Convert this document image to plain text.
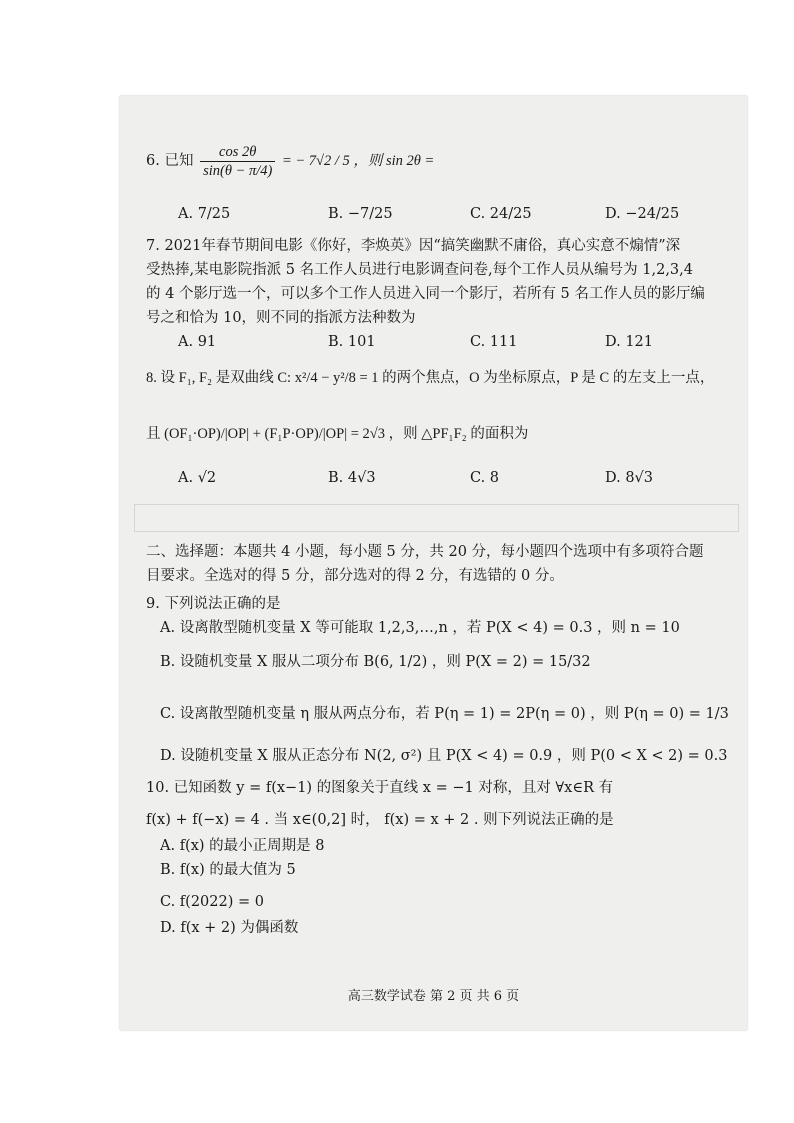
6. 已知 $\frac{\cos 2\theta}{\sin(\theta - \pi/4)}$ = − 7√2 / 5 ，则 sin 2θ =
A. 7/25	B. −7/25	C. 24/25	D. −24/25
7. 2021年春节期间电影《你好，李焕英》因“搞笑幽默不庸俗，真心实意不煽情”深
受热捧,某电影院指派 5 名工作人员进行电影调查问卷,每个工作人员从编号为 1,2,3,4
的 4 个影厅选一个，可以多个工作人员进入同一个影厅，若所有 5 名工作人员的影厅编
号之和恰为 10，则不同的指派方法种数为
A. 91	B. 101	C. 111	D. 121
8. 设 F₁, F₂ 是双曲线 C: x²/4 − y²/8 = 1 的两个焦点，O 为坐标原点，P 是 C 的左支上一点，
且 (OF₁·OP)/|OP| + (F₁P·OP)/|OP| = 2√3 ，则 △PF₁F₂ 的面积为
A. √2	B. 4√3	C. 8	D. 8√3
二、选择题：本题共 4 小题，每小题 5 分，共 20 分，每小题四个选项中有多项符合题
目要求。全选对的得 5 分，部分选对的得 2 分，有选错的 0 分。
9. 下列说法正确的是
A. 设离散型随机变量 X 等可能取 1,2,3,…,n ，若 P(X < 4) = 0.3 ，则 n = 10
B. 设随机变量 X 服从二项分布 B(6, 1/2) ，则 P(X = 2) = 15/32
C. 设离散型随机变量 η 服从两点分布，若 P(η = 1) = 2P(η = 0) ，则 P(η = 0) = 1/3
D. 设随机变量 X 服从正态分布 N(2, σ²) 且 P(X < 4) = 0.9 ，则 P(0 < X < 2) = 0.3
10. 已知函数 y = f(x−1) 的图象关于直线 x = −1 对称，且对 ∀x∈R 有
f(x) + f(−x) = 4 . 当 x∈(0,2] 时， f(x) = x + 2 . 则下列说法正确的是
A. f(x) 的最小正周期是 8
B. f(x) 的最大值为 5
C. f(2022) = 0
D. f(x + 2) 为偶函数
高三数学试卷 第 2 页 共 6 页
